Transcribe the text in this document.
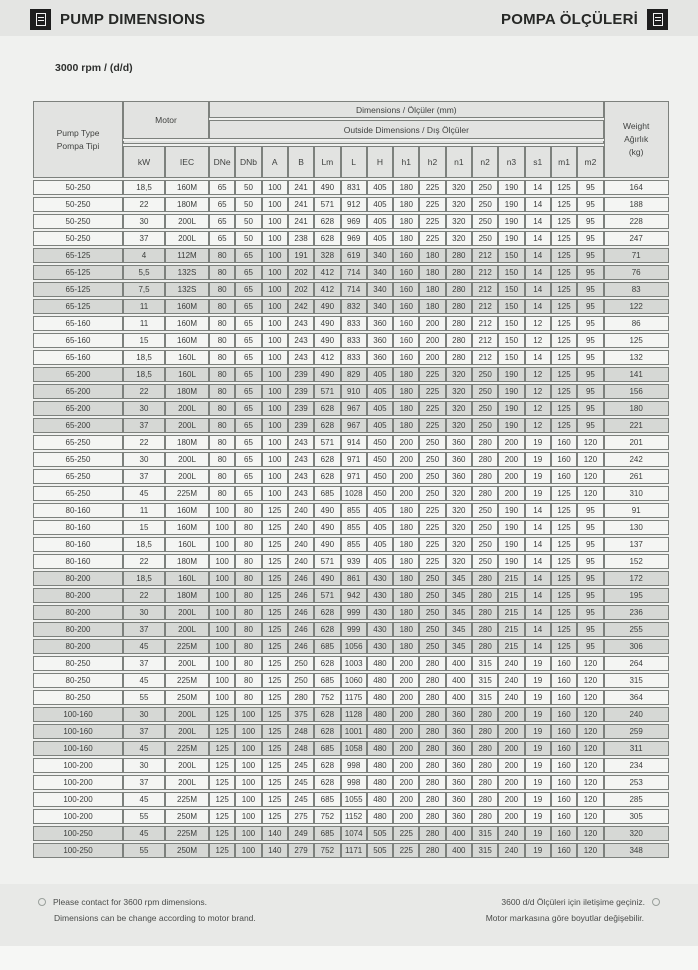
PUMP DIMENSIONS	POMPA ÖLÇÜLERİ
3000 rpm / (d/d)
Pump Type
Pompa Tipi
	Motor	Dimensions / Ölçüler (mm)	
Weight
Ağırlık
(kg)

			Outside Dimensions / Dış Ölçüler															

	kW	IEC	DNe	DNb	A	B	Lm	L	H	h1	h2	n1	n2	n3	s1	m1	m2	
50-250	18,5	160M	65	50	100	241	490	831	405	180	225	320	250	190	14	125	95	164
50-250	22	180M	65	50	100	241	571	912	405	180	225	320	250	190	14	125	95	188
50-250	30	200L	65	50	100	241	628	969	405	180	225	320	250	190	14	125	95	228
50-250	37	200L	65	50	100	238	628	969	405	180	225	320	250	190	14	125	95	247
65-125	4	112M	80	65	100	191	328	619	340	160	180	280	212	150	14	125	95	71
65-125	5,5	132S	80	65	100	202	412	714	340	160	180	280	212	150	14	125	95	76
65-125	7,5	132S	80	65	100	202	412	714	340	160	180	280	212	150	14	125	95	83
65-125	11	160M	80	65	100	242	490	832	340	160	180	280	212	150	14	125	95	122
65-160	11	160M	80	65	100	243	490	833	360	160	200	280	212	150	12	125	95	86
65-160	15	160M	80	65	100	243	490	833	360	160	200	280	212	150	12	125	95	125
65-160	18,5	160L	80	65	100	243	412	833	360	160	200	280	212	150	14	125	95	132
65-200	18,5	160L	80	65	100	239	490	829	405	180	225	320	250	190	12	125	95	141
65-200	22	180M	80	65	100	239	571	910	405	180	225	320	250	190	12	125	95	156
65-200	30	200L	80	65	100	239	628	967	405	180	225	320	250	190	12	125	95	180
65-200	37	200L	80	65	100	239	628	967	405	180	225	320	250	190	12	125	95	221
65-250	22	180M	80	65	100	243	571	914	450	200	250	360	280	200	19	160	120	201
65-250	30	200L	80	65	100	243	628	971	450	200	250	360	280	200	19	160	120	242
65-250	37	200L	80	65	100	243	628	971	450	200	250	360	280	200	19	160	120	261
65-250	45	225M	80	65	100	243	685	1028	450	200	250	320	280	200	19	125	120	310
80-160	11	160M	100	80	125	240	490	855	405	180	225	320	250	190	14	125	95	91
80-160	15	160M	100	80	125	240	490	855	405	180	225	320	250	190	14	125	95	130
80-160	18,5	160L	100	80	125	240	490	855	405	180	225	320	250	190	14	125	95	137
80-160	22	180M	100	80	125	240	571	939	405	180	225	320	250	190	14	125	95	152
80-200	18,5	160L	100	80	125	246	490	861	430	180	250	345	280	215	14	125	95	172
80-200	22	180M	100	80	125	246	571	942	430	180	250	345	280	215	14	125	95	195
80-200	30	200L	100	80	125	246	628	999	430	180	250	345	280	215	14	125	95	236
80-200	37	200L	100	80	125	246	628	999	430	180	250	345	280	215	14	125	95	255
80-200	45	225M	100	80	125	246	685	1056	430	180	250	345	280	215	14	125	95	306
80-250	37	200L	100	80	125	250	628	1003	480	200	280	400	315	240	19	160	120	264
80-250	45	225M	100	80	125	250	685	1060	480	200	280	400	315	240	19	160	120	315
80-250	55	250M	100	80	125	280	752	1175	480	200	280	400	315	240	19	160	120	364
100-160	30	200L	125	100	125	375	628	1128	480	200	280	360	280	200	19	160	120	240
100-160	37	200L	125	100	125	248	628	1001	480	200	280	360	280	200	19	160	120	259
100-160	45	225M	125	100	125	248	685	1058	480	200	280	360	280	200	19	160	120	311
100-200	30	200L	125	100	125	245	628	998	480	200	280	360	280	200	19	160	120	234
100-200	37	200L	125	100	125	245	628	998	480	200	280	360	280	200	19	160	120	253
100-200	45	225M	125	100	125	245	685	1055	480	200	280	360	280	200	19	160	120	285
100-200	55	250M	125	100	125	275	752	1152	480	200	280	360	280	200	19	160	120	305
100-250	45	225M	125	100	140	249	685	1074	505	225	280	400	315	240	19	160	120	320
100-250	55	250M	125	100	140	279	752	1171	505	225	280	400	315	240	19	160	120	348
Please contact for 3600 rpm dimensions.
Dimensions can be change according to motor brand.
3600 d/d Ölçüleri için iletişime geçiniz.
Motor markasına göre boyutlar değişebilir.
